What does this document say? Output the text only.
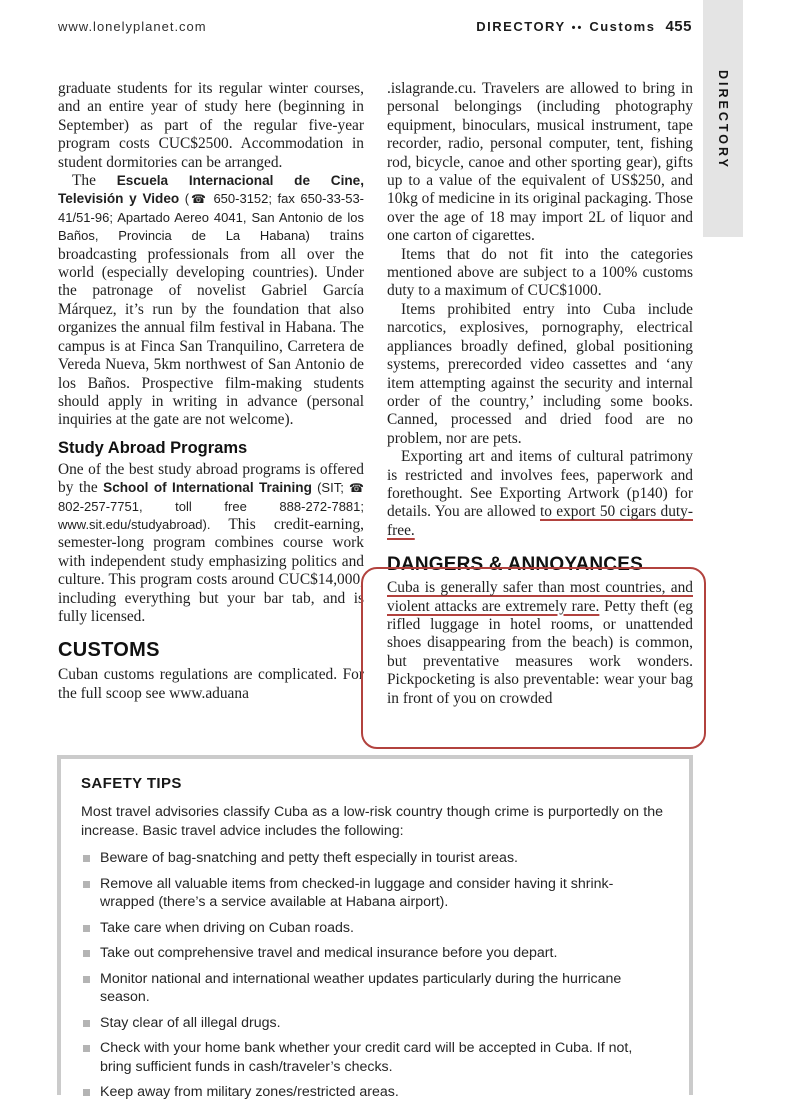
www.lonelyplanet.com	DIRECTORY •• Customs 455
DIRECTORY

graduate students for its regular winter courses, and an entire year of study here (beginning in September) as part of the regular five-year program costs CUC$2500. Accommodation in student dormitories can be arranged.

The Escuela Internacional de Cine, Televisión y Video (☎ 650-3152; fax 650-33-53-41/51-96; Apartado Aereo 4041, San Antonio de los Baños, Provincia de La Habana) trains broadcasting professionals from all over the world (especially developing countries). Under the patronage of novelist Gabriel García Márquez, it’s run by the foundation that also organizes the annual film festival in Habana. The campus is at Finca San Tranquilino, Carretera de Vereda Nueva, 5km northwest of San Antonio de los Baños. Prospective film-making students should apply in writing in advance (personal inquiries at the gate are not welcome).

Study Abroad Programs

One of the best study abroad programs is offered by the School of International Training (SIT; ☎ 802-257-7751, toll free 888-272-7881; www.sit.edu/studyabroad). This credit-earning, semester-long program combines course work with independent study emphasizing politics and culture. This program costs around CUC$14,000, including everything but your bar tab, and is fully licensed.

CUSTOMS

Cuban customs regulations are complicated. For the full scoop see www.aduana

.islagrande.cu. Travelers are allowed to bring in personal belongings (including photography equipment, binoculars, musical instrument, tape recorder, radio, personal computer, tent, fishing rod, bicycle, canoe and other sporting gear), gifts up to a value of the equivalent of US$250, and 10kg of medicine in its original packaging. Those over the age of 18 may import 2L of liquor and one carton of cigarettes.

Items that do not fit into the categories mentioned above are subject to a 100% customs duty to a maximum of CUC$1000.

Items prohibited entry into Cuba include narcotics, explosives, pornography, electrical appliances broadly defined, global positioning systems, prerecorded video cassettes and ‘any item attempting against the security and internal order of the country,’ including some books. Canned, processed and dried food are no problem, nor are pets.

Exporting art and items of cultural patrimony is restricted and involves fees, paperwork and forethought. See Exporting Artwork (p140) for details. You are allowed to export 50 cigars duty-free.

DANGERS & ANNOYANCES

Cuba is generally safer than most countries, and violent attacks are extremely rare. Petty theft (eg rifled luggage in hotel rooms, or unattended shoes disappearing from the beach) is common, but preventative measures work wonders. Pickpocketing is also preventable: wear your bag in front of you on crowded

SAFETY TIPS

Most travel advisories classify Cuba as a low-risk country though crime is purportedly on the increase. Basic travel advice includes the following:

Beware of bag-snatching and petty theft especially in tourist areas.
Remove all valuable items from checked-in luggage and consider having it shrink-wrapped (there’s a service available at Habana airport).
Take care when driving on Cuban roads.
Take out comprehensive travel and medical insurance before you depart.
Monitor national and international weather updates particularly during the hurricane season.
Stay clear of all illegal drugs.
Check with your home bank whether your credit card will be accepted in Cuba. If not, bring sufficient funds in cash/traveler’s checks.
Keep away from military zones/restricted areas.
